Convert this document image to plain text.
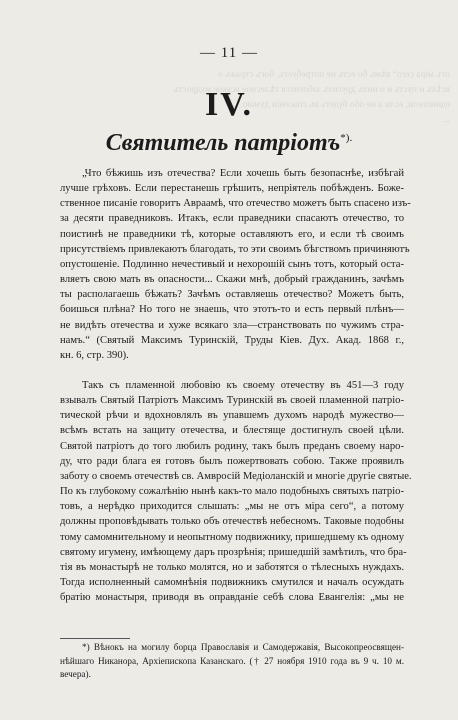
отъ міра сего“ вѣмъ бо есть не потребуетъ, богъ стражь о
всѣхъ и пусть и о нихъ другихъ заботится тѣлесное всякое мудрость
единотели, если а не обо будетъ въ спасеніи думаю, ...
...
— 11 —
IV.
Святитель патріотъ*).
„Что бѣжишь изъ отечества? Если хочешь быть безопаснѣе, избѣгай
лучше грѣховъ. Если перестанешь грѣшить, непріятель побѣжденъ. Боже-
ственное писаніе говоритъ Авраамѣ, что отечество можетъ быть спасено изъ-
за десяти праведниковъ. Итакъ, если праведники спасаютъ отечество, то
поистинѣ не праведники тѣ, которые оставляютъ его, и если тѣ своимъ
присутствіемъ привлекаютъ благодать, то эти своимъ бѣгствомъ причиняютъ
опустошеніе. Подлинно нечестивый и нехорошій сынъ тотъ, который оста-
вляетъ свою мать въ опасности... Скажи мнѣ, добрый гражданинъ, зачѣмъ
ты располагаешь бѣжать? Зачѣмъ оставляешь отечество? Можетъ быть,
боишься плѣна? Но того не знаешь, что этотъ-то и есть первый плѣнъ—
не видѣть отечества и хуже всякаго зла—странствовать по чужимъ стра-
намъ.“ (Святый Максимъ Туринскій, Труды Кіев. Дух. Акад. 1868 г.,
кн. 6, стр. 390).
Такъ съ пламенной любовію къ своему отечеству въ 451—3 году
взывалъ Святый Патріотъ Максимъ Туринскій въ своей пламенной патріо-
тической рѣчи и вдохновлялъ въ упавшемъ духомъ народѣ мужество—
всѣмъ встать на защиту отечества, и блестяще достигнулъ своей цѣли.
Святой патріотъ до того любилъ родину, такъ былъ преданъ своему наро-
ду, что ради блага ея готовъ былъ пожертвовать собою. Также проявилъ
заботу о своемъ отечествѣ св. Амвросій Медіоланскій и многіе другіе святые.
По къ глубокому сожалѣнію нынѣ какъ-то мало подобныхъ святыхъ патріо-
товъ, а нерѣдко приходится слышать: „мы не отъ міра сего“, а потому
должны проповѣдывать только объ отечествѣ небесномъ. Таковые подобны
тому самомнительному и неопытному подвижнику, пришедшему къ одному
святому игумену, имѣющему даръ прозрѣнія; пришедшій замѣтилъ, что бра-
тія въ монастырѣ не только молятся, но и заботятся о тѣлесныхъ нуждахъ.
Тогда исполненный самомнѣнія подвижникъ смутился и началъ осуждать
братію монастыря, приводя въ оправданіе себѣ слова Евангелія: „мы не
*) Вѣнокъ на могилу борца Православія и Самодержавія, Высокопреосвящен-
нѣйшаго Никанора, Архіепископа Казанскаго. († 27 ноября 1910 года въ 9 ч. 10 м.
вечера).
